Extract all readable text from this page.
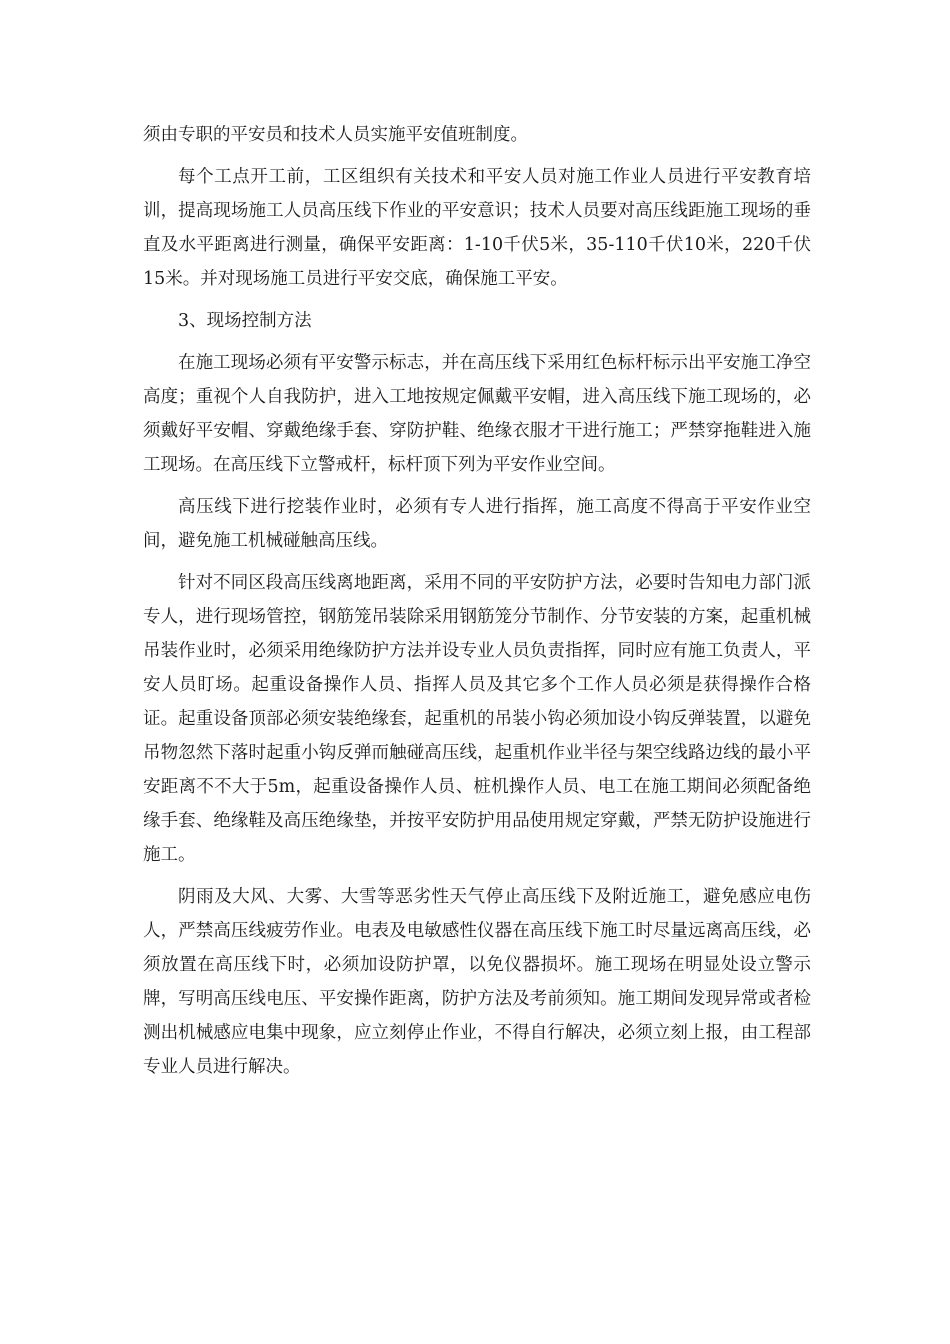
须由专职的平安员和技术人员实施平安值班制度。

每个工点开工前，工区组织有关技术和平安人员对施工作业人员进行平安教育培训，提高现场施工人员高压线下作业的平安意识；技术人员要对高压线距施工现场的垂直及水平距离进行测量，确保平安距离：1-10千伏5米，35-110千伏10米，220千伏15米。并对现场施工员进行平安交底，确保施工平安。

3、现场控制方法

在施工现场必须有平安警示标志，并在高压线下采用红色标杆标示出平安施工净空高度；重视个人自我防护，进入工地按规定佩戴平安帽，进入高压线下施工现场的，必须戴好平安帽、穿戴绝缘手套、穿防护鞋、绝缘衣服才干进行施工；严禁穿拖鞋进入施工现场。在高压线下立警戒杆，标杆顶下列为平安作业空间。

高压线下进行挖装作业时，必须有专人进行指挥，施工高度不得高于平安作业空间，避免施工机械碰触高压线。

针对不同区段高压线离地距离，采用不同的平安防护方法，必要时告知电力部门派专人，进行现场管控，钢筋笼吊装除采用钢筋笼分节制作、分节安装的方案，起重机械吊装作业时，必须采用绝缘防护方法并设专业人员负责指挥，同时应有施工负责人，平安人员盯场。起重设备操作人员、指挥人员及其它多个工作人员必须是获得操作合格证。起重设备顶部必须安装绝缘套，起重机的吊装小钩必须加设小钩反弹装置，以避免吊物忽然下落时起重小钩反弹而触碰高压线，起重机作业半径与架空线路边线的最小平安距离不不大于5m，起重设备操作人员、桩机操作人员、电工在施工期间必须配备绝缘手套、绝缘鞋及高压绝缘垫，并按平安防护用品使用规定穿戴，严禁无防护设施进行施工。

阴雨及大风、大雾、大雪等恶劣性天气停止高压线下及附近施工，避免感应电伤人，严禁高压线疲劳作业。电表及电敏感性仪器在高压线下施工时尽量远离高压线，必须放置在高压线下时，必须加设防护罩，以免仪器损坏。施工现场在明显处设立警示牌，写明高压线电压、平安操作距离，防护方法及考前须知。施工期间发现异常或者检测出机械感应电集中现象，应立刻停止作业，不得自行解决，必须立刻上报，由工程部专业人员进行解决。
